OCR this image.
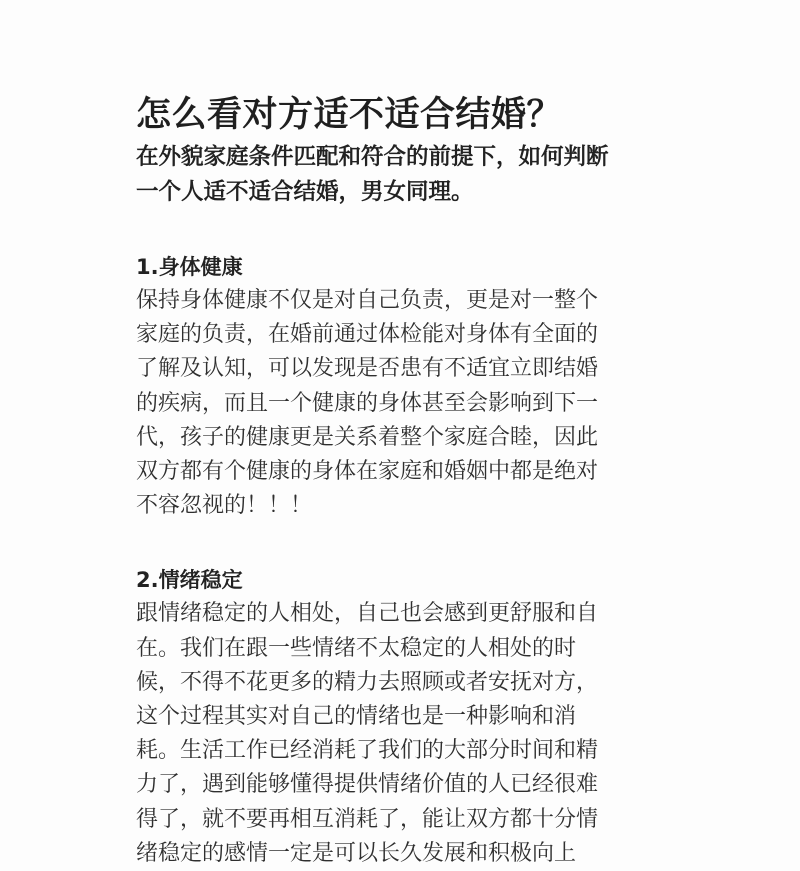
怎么看对方适不适合结婚？

在外貌家庭条件匹配和符合的前提下，如何判断
一个人适不适合结婚，男女同理。

1.身体健康

保持身体健康不仅是对自己负责，更是对一整个
家庭的负责，在婚前通过体检能对身体有全面的
了解及认知，可以发现是否患有不适宜立即结婚
的疾病，而且一个健康的身体甚至会影响到下一
代，孩子的健康更是关系着整个家庭合睦，因此
双方都有个健康的身体在家庭和婚姻中都是绝对
不容忽视的！！！

2.情绪稳定

跟情绪稳定的人相处，自己也会感到更舒服和自
在。我们在跟一些情绪不太稳定的人相处的时
候，不得不花更多的精力去照顾或者安抚对方，
这个过程其实对自己的情绪也是一种影响和消
耗。生活工作已经消耗了我们的大部分时间和精
力了，遇到能够懂得提供情绪价值的人已经很难
得了，就不要再相互消耗了，能让双方都十分情
绪稳定的感情一定是可以长久发展和积极向上
